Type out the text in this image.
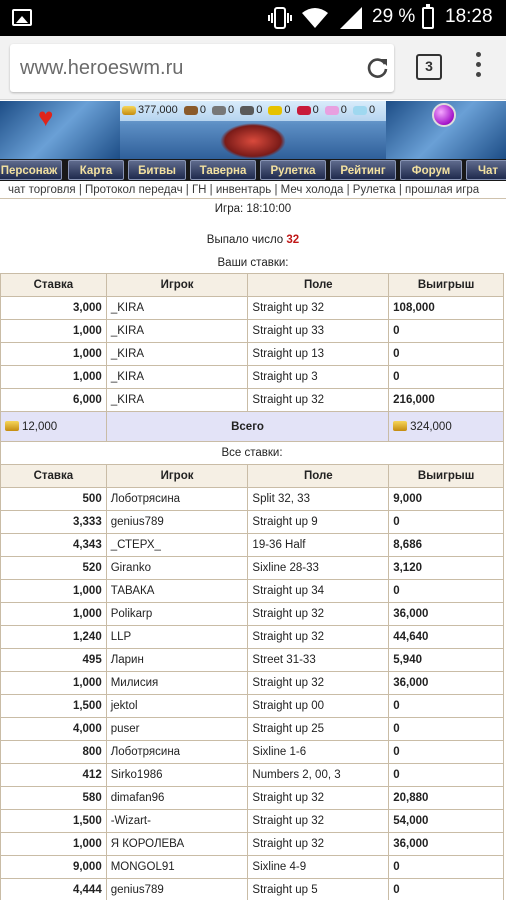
29 % 18:28
www.heroeswm.ru	3
♥	377,000 0 0 0 0 0 0 0
Персонаж	Карта	Битвы	Таверна	Рулетка	Рейтинг	Форум	Чат
чат торговля | Протокол передач | ГН | инвентарь | Меч холода | Рулетка | прошлая игра
Игра: 18:10:00
Выпало число 32
Ваши ставки:
Ставка	Игрок	Поле	Выигрыш
3,000	_KIRA	Straight up 32	108,000
1,000	_KIRA	Straight up 33	0
1,000	_KIRA	Straight up 13	0
1,000	_KIRA	Straight up 3	0
6,000	_KIRA	Straight up 32	216,000
12,000	Всего		324,000
Все ставки:
Ставка	Игрок	Поле	Выигрыш
500	Лоботрясина	Split 32, 33	9,000
3,333	genius789	Straight up 9	0
4,343	_СТЕРХ_	19-36 Half	8,686
520	Giranko	Sixline 28-33	3,120
1,000	ТАВАКА	Straight up 34	0
1,000	Polikarp	Straight up 32	36,000
1,240	LLP	Straight up 32	44,640
495	Ларин	Street 31-33	5,940
1,000	Милисия	Straight up 32	36,000
1,500	jektol	Straight up 00	0
4,000	puser	Straight up 25	0
800	Лоботрясина	Sixline 1-6	0
412	Sirko1986	Numbers 2, 00, 3	0
580	dimafan96	Straight up 32	20,880
1,500	-Wizart-	Straight up 32	54,000
1,000	Я КОРОЛЕВА	Straight up 32	36,000
9,000	MONGOL91	Sixline 4-9	0
4,444	genius789	Straight up 5	0
